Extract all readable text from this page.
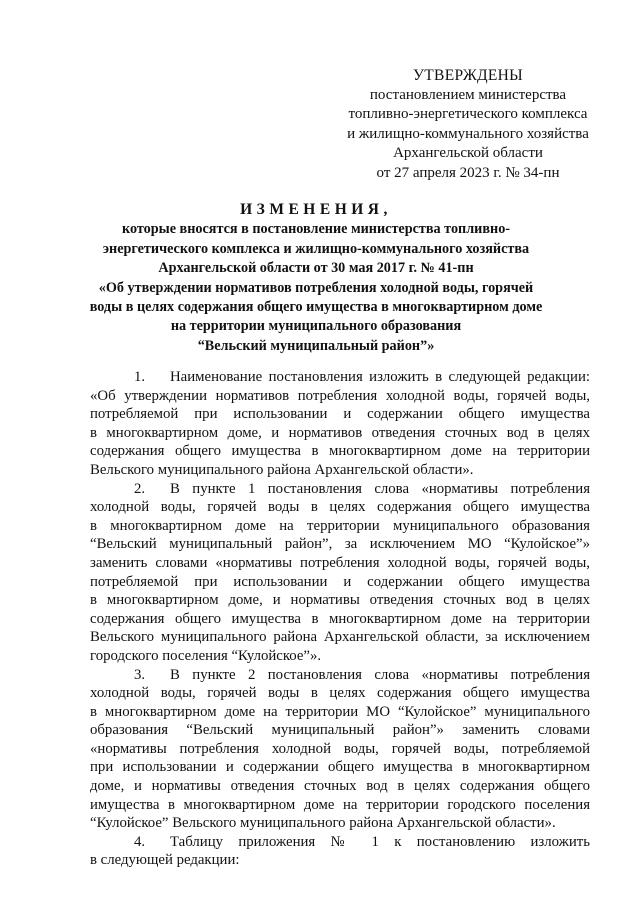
УТВЕРЖДЕНЫ
постановлением министерства
топливно-энергетического комплекса
и жилищно-коммунального хозяйства
Архангельской области
от 27 апреля 2023 г. № 34-пн
ИЗМЕНЕНИЯ,
которые вносятся в постановление министерства топливно-
энергетического комплекса и жилищно-коммунального хозяйства
Архангельской области от 30 мая 2017 г. № 41-пн
«Об утверждении нормативов потребления холодной воды, горячей
воды в целях содержания общего имущества в многоквартирном доме
на территории муниципального образования
“Вельский муниципальный район”»
1. Наименование постановления изложить в следующей редакции:
«Об утверждении нормативов потребления холодной воды, горячей воды,
потребляемой при использовании и содержании общего имущества
в многоквартирном доме, и нормативов отведения сточных вод в целях
содержания общего имущества в многоквартирном доме на территории
Вельского муниципального района Архангельской области».
2. В пункте 1 постановления слова «нормативы потребления
холодной воды, горячей воды в целях содержания общего имущества
в многоквартирном доме на территории муниципального образования
“Вельский муниципальный район”, за исключением МО “Кулойское”»
заменить словами «нормативы потребления холодной воды, горячей воды,
потребляемой при использовании и содержании общего имущества
в многоквартирном доме, и нормативы отведения сточных вод в целях
содержания общего имущества в многоквартирном доме на территории
Вельского муниципального района Архангельской области, за исключением
городского поселения “Кулойское”».
3. В пункте 2 постановления слова «нормативы потребления
холодной воды, горячей воды в целях содержания общего имущества
в многоквартирном доме на территории МО “Кулойское” муниципального
образования “Вельский муниципальный район”» заменить словами
«нормативы потребления холодной воды, горячей воды, потребляемой
при использовании и содержании общего имущества в многоквартирном
доме, и нормативы отведения сточных вод в целях содержания общего
имущества в многоквартирном доме на территории городского поселения
“Кулойское” Вельского муниципального района Архангельской области».
4. Таблицу приложения № 1 к постановлению изложить
в следующей редакции:
